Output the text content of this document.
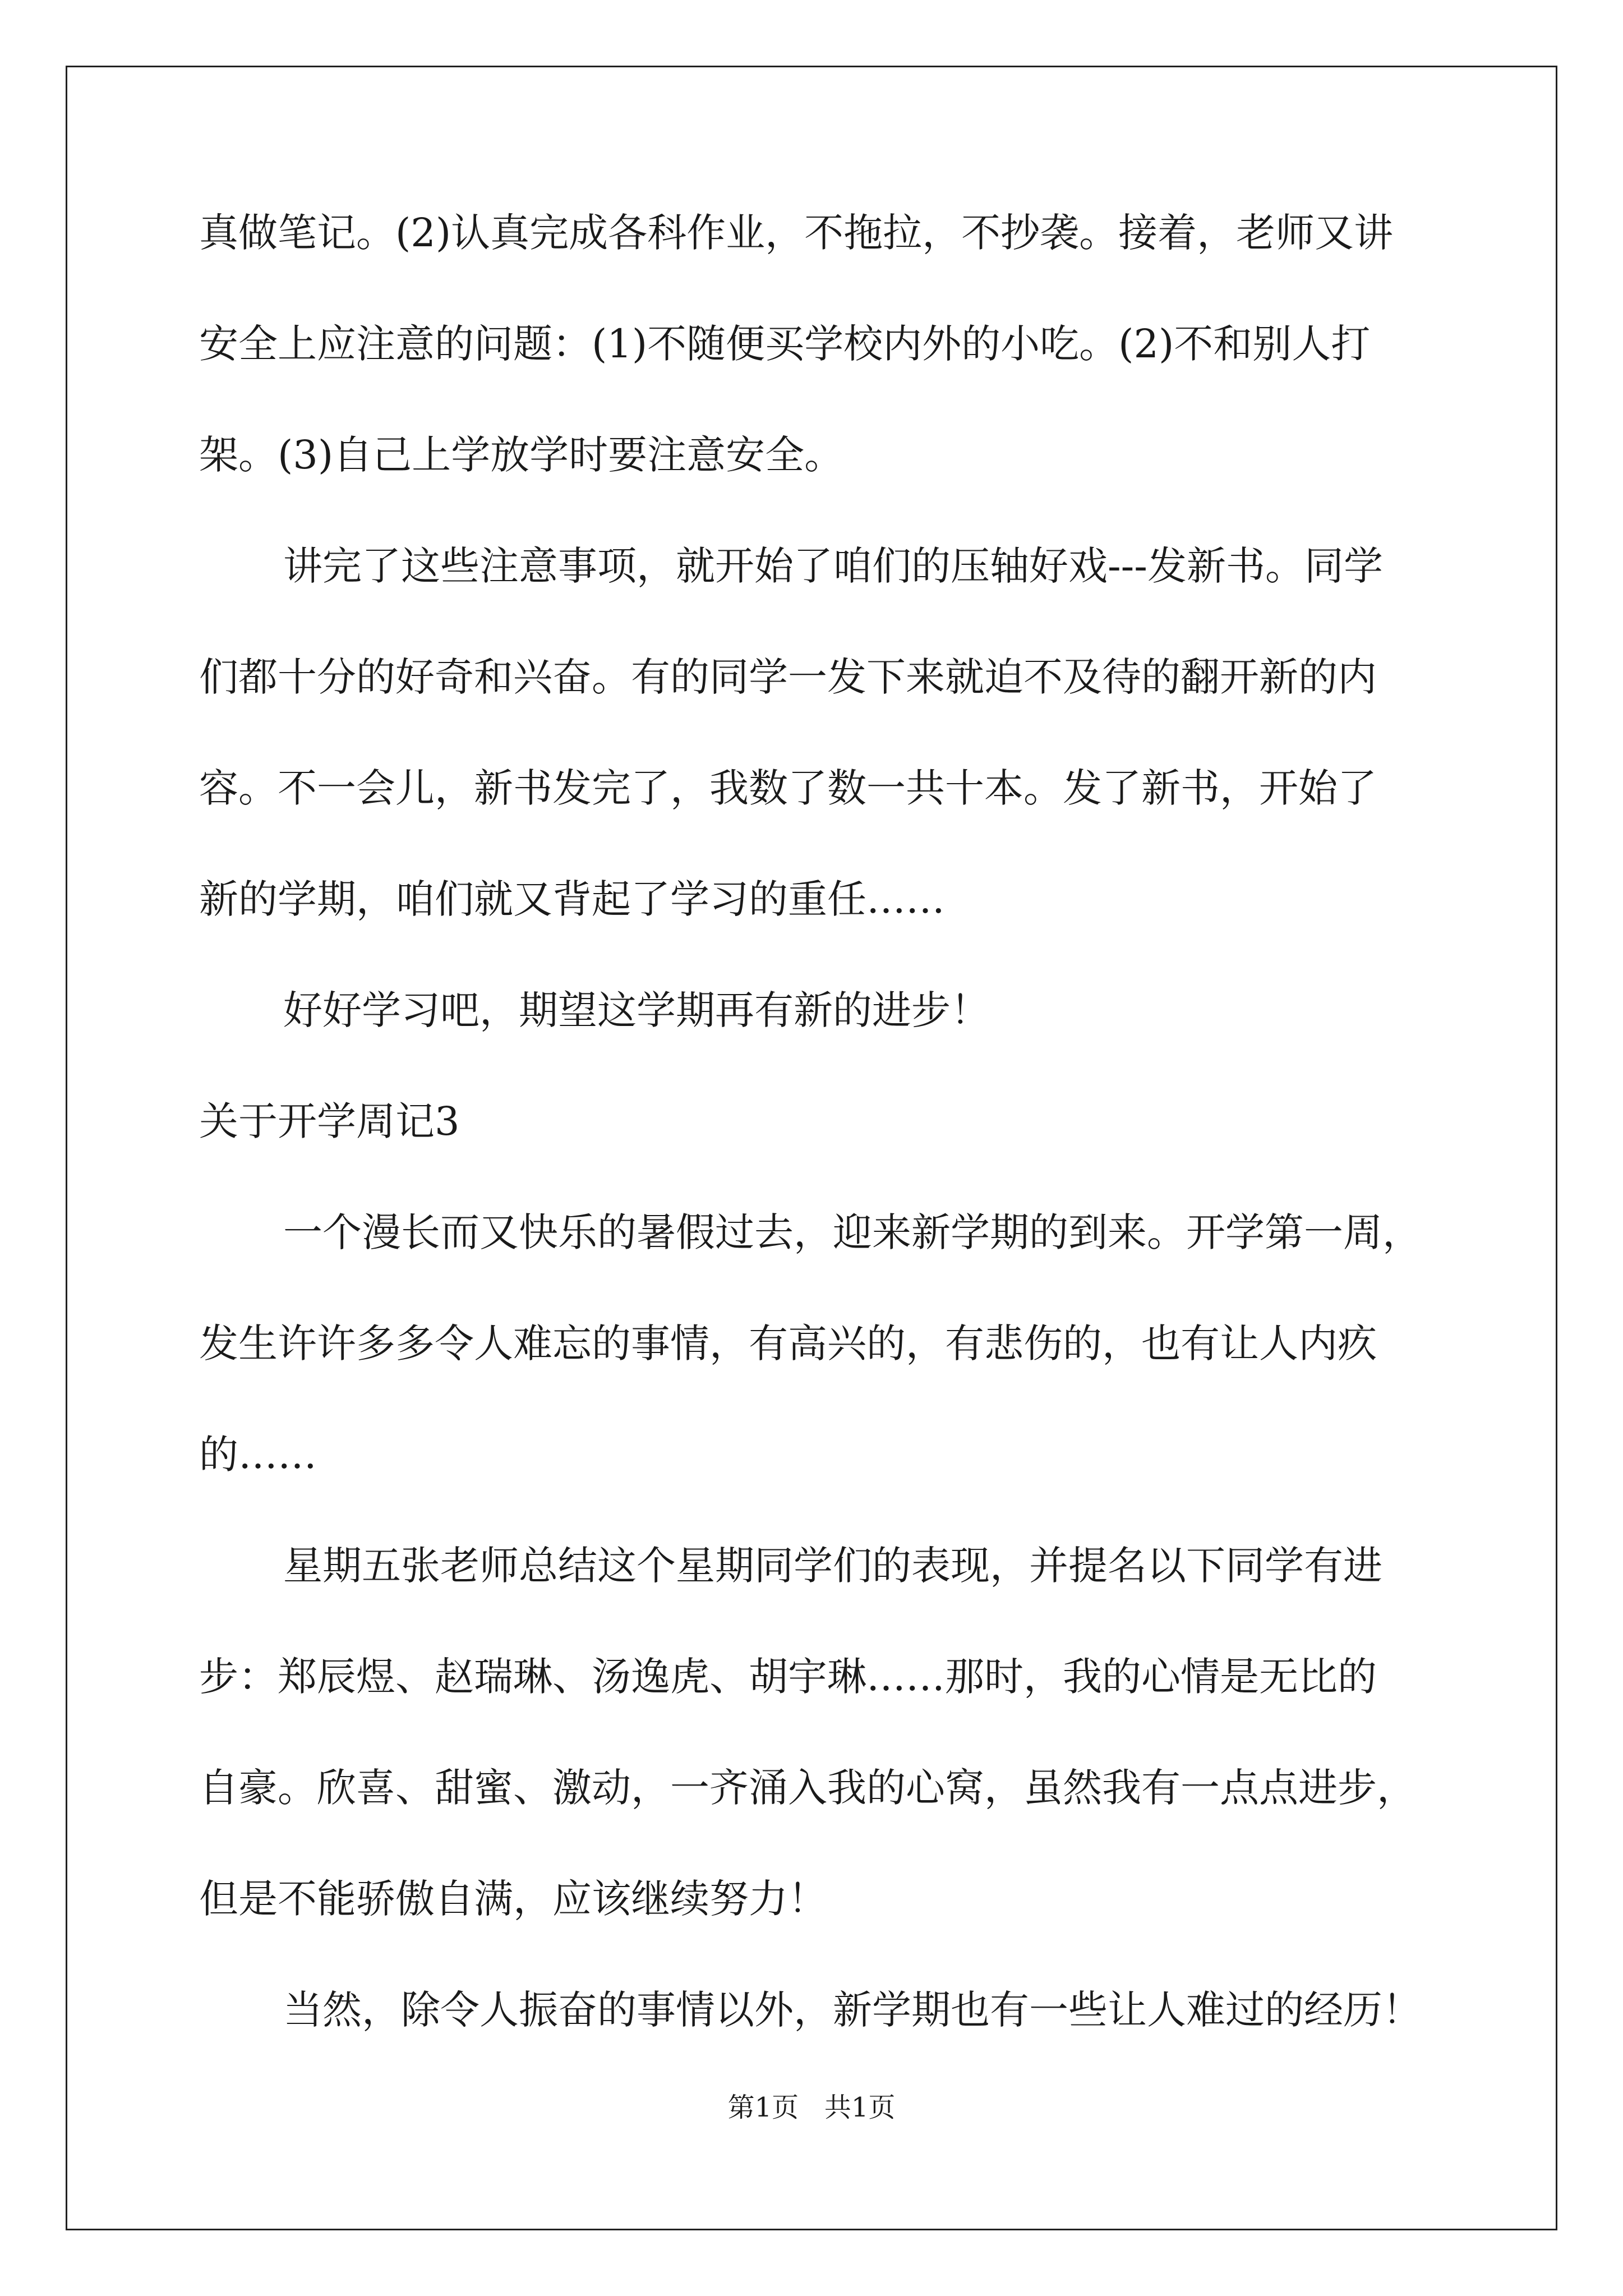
真做笔记。(2)认真完成各科作业，不拖拉，不抄袭。接着，老师又讲
安全上应注意的问题：(1)不随便买学校内外的小吃。(2)不和别人打
架。(3)自己上学放学时要注意安全。
讲完了这些注意事项，就开始了咱们的压轴好戏---发新书。同学
们都十分的好奇和兴奋。有的同学一发下来就迫不及待的翻开新的内
容。不一会儿，新书发完了，我数了数一共十本。发了新书，开始了
新的学期，咱们就又背起了学习的重任……
好好学习吧，期望这学期再有新的进步！
关于开学周记3
一个漫长而又快乐的暑假过去，迎来新学期的到来。开学第一周，
发生许许多多令人难忘的事情，有高兴的，有悲伤的，也有让人内疚
的……
星期五张老师总结这个星期同学们的表现，并提名以下同学有进
步：郑辰煜、赵瑞琳、汤逸虎、胡宇琳……那时，我的心情是无比的
自豪。欣喜、甜蜜、激动，一齐涌入我的心窝，虽然我有一点点进步，
但是不能骄傲自满，应该继续努力！
当然，除令人振奋的事情以外，新学期也有一些让人难过的经历！
第1页   共1页
